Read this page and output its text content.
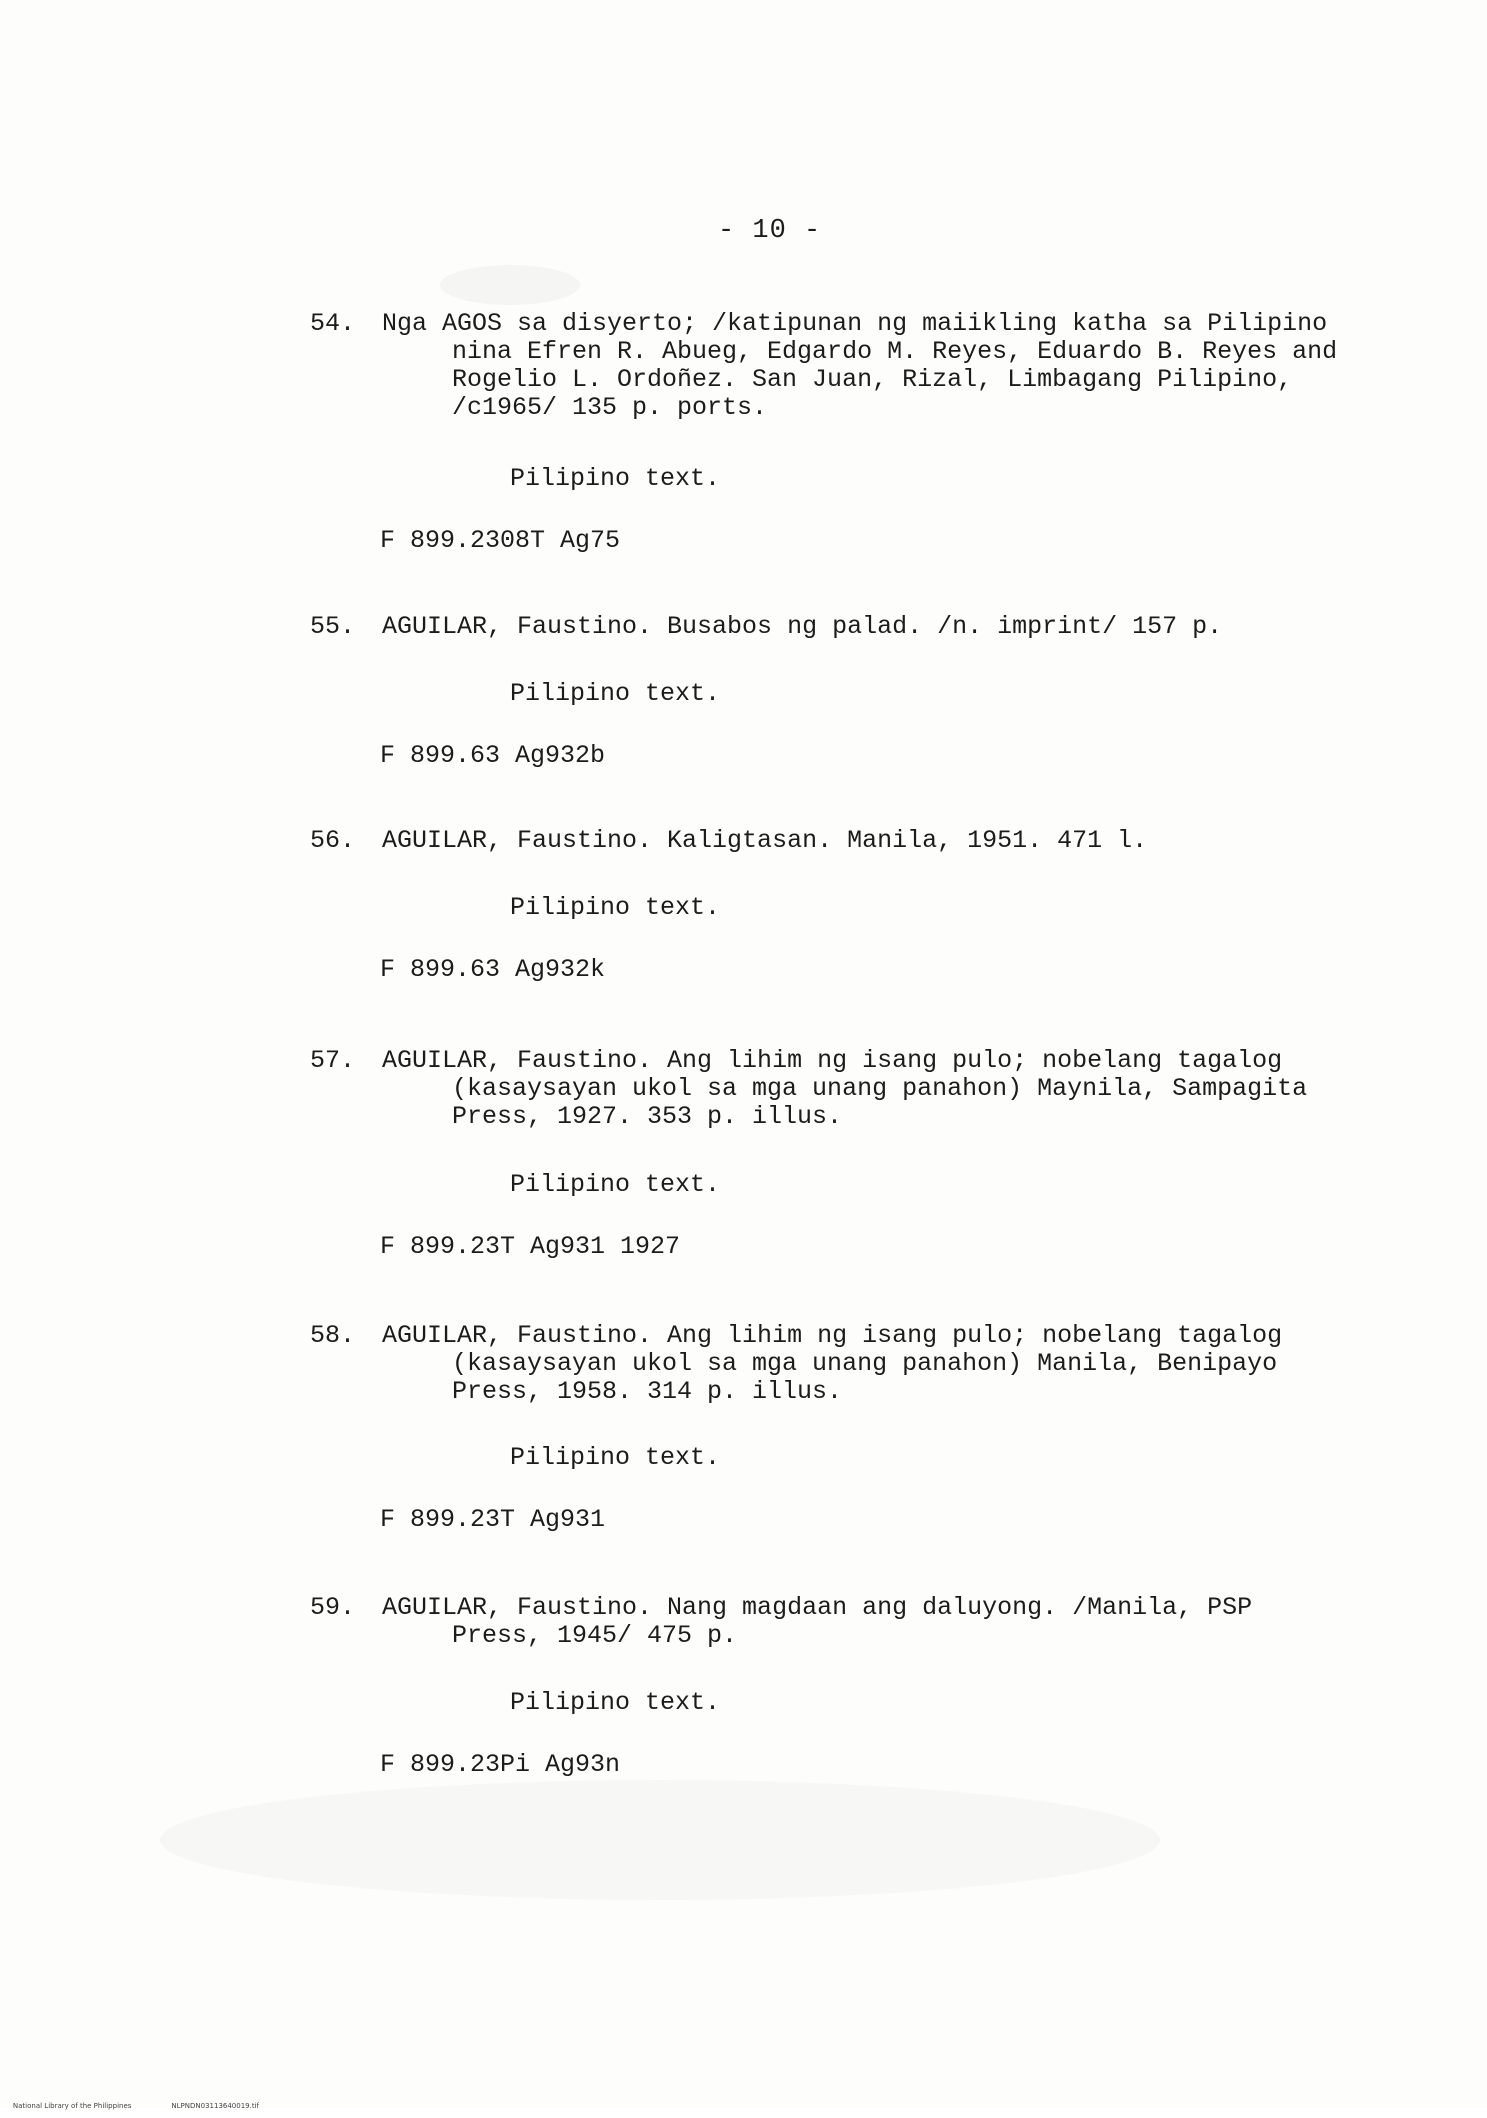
- 10 -
54.	Nga AGOS sa disyerto; /katipunan ng maiikling katha sa Pilipino
nina Efren R. Abueg, Edgardo M. Reyes, Eduardo B. Reyes and
Rogelio L. Ordoñez. San Juan, Rizal, Limbagang Pilipino,
/c1965/ 135 p. ports.
Pilipino text.
F 899.2308T Ag75
55.	AGUILAR, Faustino. Busabos ng palad. /n. imprint/ 157 p.
Pilipino text.
F 899.63 Ag932b
56.	AGUILAR, Faustino. Kaligtasan. Manila, 1951. 471 l.
Pilipino text.
F 899.63 Ag932k
57.	AGUILAR, Faustino. Ang lihim ng isang pulo; nobelang tagalog
(kasaysayan ukol sa mga unang panahon) Maynila, Sampagita
Press, 1927. 353 p. illus.
Pilipino text.
F 899.23T Ag931 1927
58.	AGUILAR, Faustino. Ang lihim ng isang pulo; nobelang tagalog
(kasaysayan ukol sa mga unang panahon) Manila, Benipayo
Press, 1958. 314 p. illus.
Pilipino text.
F 899.23T Ag931
59.	AGUILAR, Faustino. Nang magdaan ang daluyong. /Manila, PSP
Press, 1945/ 475 p.
Pilipino text.
F 899.23Pi Ag93n

National Library of the Philippines	NLPNDN03113640019.tif
